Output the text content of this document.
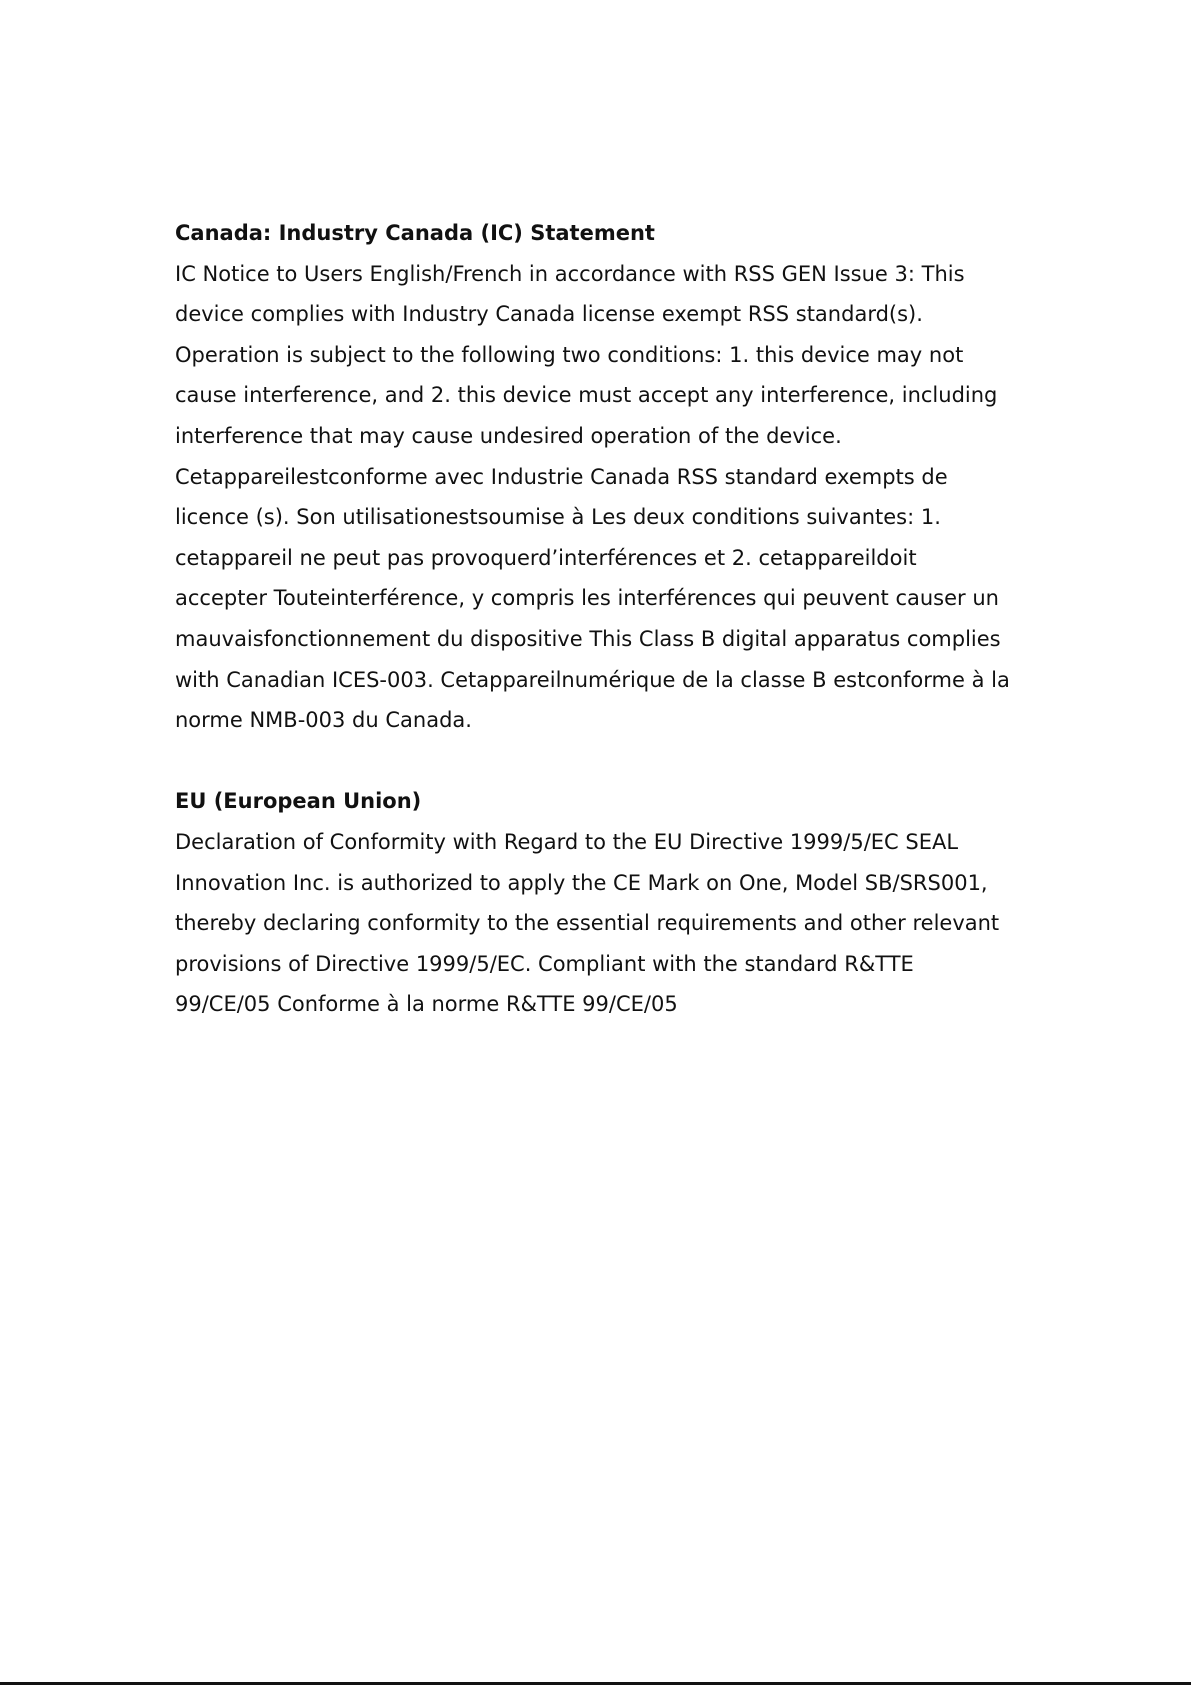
Canada: Industry Canada (IC) Statement
IC Notice to Users English/French in accordance with RSS GEN Issue 3: This
device complies with Industry Canada license exempt RSS standard(s).
Operation is subject to the following two conditions: 1. this device may not
cause interference, and 2. this device must accept any interference, including
interference that may cause undesired operation of the device.
Cetappareilestconforme avec Industrie Canada RSS standard exempts de
licence (s). Son utilisationestsoumise à Les deux conditions suivantes: 1.
cetappareil ne peut pas provoquerd’interférences et 2. cetappareildoit
accepter Touteinterférence, y compris les interférences qui peuvent causer un
mauvaisfonctionnement du dispositive This Class B digital apparatus complies
with Canadian ICES-003. Cetappareilnumérique de la classe B estconforme à la
norme NMB-003 du Canada.
EU (European Union)
Declaration of Conformity with Regard to the EU Directive 1999/5/EC SEAL
Innovation Inc. is authorized to apply the CE Mark on One, Model SB/SRS001,
thereby declaring conformity to the essential requirements and other relevant
provisions of Directive 1999/5/EC. Compliant with the standard R&TTE
99/CE/05 Conforme à la norme R&TTE 99/CE/05
